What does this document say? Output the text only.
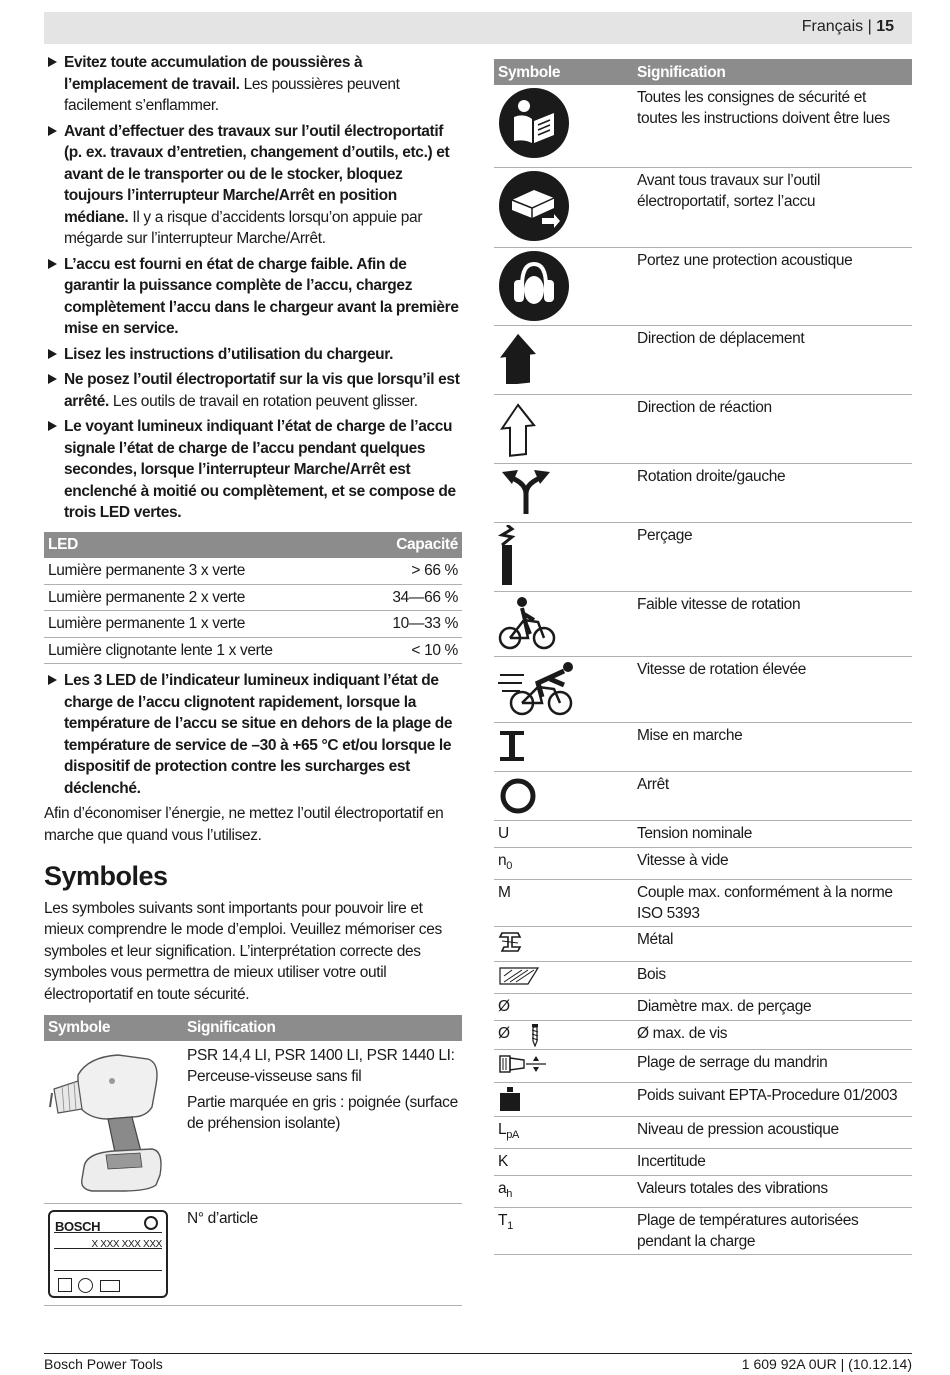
Français | 15
Evitez toute accumulation de poussières à l’emplacement de travail. Les poussières peuvent facilement s’enflammer.
Avant d’effectuer des travaux sur l’outil électroportatif (p. ex. travaux d’entretien, changement d’outils, etc.) et avant de le transporter ou de le stocker, bloquez toujours l’interrupteur Marche/Arrêt en position médiane. Il y a risque d’accidents lorsqu’on appuie par mégarde sur l’interrupteur Marche/Arrêt.
L’accu est fourni en état de charge faible. Afin de garantir la puissance complète de l’accu, chargez complètement l’accu dans le chargeur avant la première mise en service.
Lisez les instructions d’utilisation du chargeur.
Ne posez l’outil électroportatif sur la vis que lorsqu’il est arrêté. Les outils de travail en rotation peuvent glisser.
Le voyant lumineux indiquant l’état de charge de l’accu signale l’état de charge de l’accu pendant quelques secondes, lorsque l’interrupteur Marche/Arrêt est enclenché à moitié ou complètement, et se compose de trois LED vertes.
LED	Capacité
Lumière permanente 3 x verte	> 66 %
Lumière permanente 2 x verte	34—66 %
Lumière permanente 1 x verte	10—33 %
Lumière clignotante lente 1 x verte	< 10 %
Les 3 LED de l’indicateur lumineux indiquant l’état de charge de l’accu clignotent rapidement, lorsque la température de l’accu se situe en dehors de la plage de température de service de –30 à +65 °C et/ou lorsque le dispositif de protection contre les surcharges est déclenché.

Afin d’économiser l’énergie, ne mettez l’outil électroportatif en marche que quand vous l’utilisez.

Symboles

Les symboles suivants sont importants pour pouvoir lire et mieux comprendre le mode d’emploi. Veuillez mémoriser ces symboles et leur signification. L’interprétation correcte des symboles vous permettra de mieux utiliser votre outil électroportatif en toute sécurité.

Symbole	Signification

PSR 14,4 LI, PSR 1400 LI, PSR 1440 LI: Perceuse-visseuse sans fil

Partie marquée en gris : poignée (surface de préhension isolante)

BOSCH
X XXX XXX XXX	N° d’article
Symbole	Signification

	Toutes les consignes de sécurité et toutes les instructions doivent être lues

	Avant tous travaux sur l’outil électroportatif, sortez l’accu

	Portez une protection acoustique

	Direction de déplacement

	Direction de réaction

	Rotation droite/gauche

	Perçage

	Faible vitesse de rotation

	Vitesse de rotation élevée

	Mise en marche

	Arrêt
U	Tension nominale
$n_0$	Vitesse à vide
M	Couple max. conformément à la norme ISO 5393

	Métal

	Bois
Ø	Diamètre max. de perçage
Ø	Ø max. de vis

	Plage de serrage du mandrin

	Poids suivant EPTA-Procedure 01/2003
$L_{pA}$	Niveau de pression acoustique
K	Incertitude
$a_h$	Valeurs totales des vibrations
$T_1$	Plage de températures autorisées pendant la charge
Bosch Power Tools	1 609 92A 0UR | (10.12.14)
